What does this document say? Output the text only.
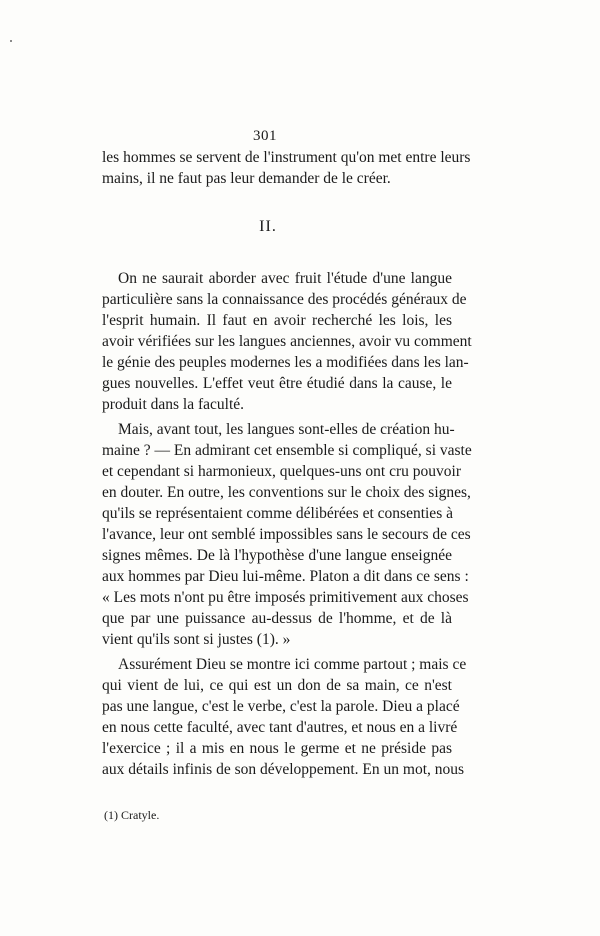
301
les hommes se servent de l'instrument qu'on met entre leurs
mains, il ne faut pas leur demander de le créer.
II.
On ne saurait aborder avec fruit l'étude d'une langue
particulière sans la connaissance des procédés généraux de
l'esprit humain. Il faut en avoir recherché les lois, les
avoir vérifiées sur les langues anciennes, avoir vu comment
le génie des peuples modernes les a modifiées dans les lan-
gues nouvelles. L'effet veut être étudié dans la cause, le
produit dans la faculté.
Mais, avant tout, les langues sont-elles de création hu-
maine ? — En admirant cet ensemble si compliqué, si vaste
et cependant si harmonieux, quelques-uns ont cru pouvoir
en douter. En outre, les conventions sur le choix des signes,
qu'ils se représentaient comme délibérées et consenties à
l'avance, leur ont semblé impossibles sans le secours de ces
signes mêmes. De là l'hypothèse d'une langue enseignée
aux hommes par Dieu lui-même. Platon a dit dans ce sens :
« Les mots n'ont pu être imposés primitivement aux choses
que par une puissance au-dessus de l'homme, et de là
vient qu'ils sont si justes (1). »
Assurément Dieu se montre ici comme partout ; mais ce
qui vient de lui, ce qui est un don de sa main, ce n'est
pas une langue, c'est le verbe, c'est la parole. Dieu a placé
en nous cette faculté, avec tant d'autres, et nous en a livré
l'exercice ; il a mis en nous le germe et ne préside pas
aux détails infinis de son développement. En un mot, nous
(1) Cratyle.
